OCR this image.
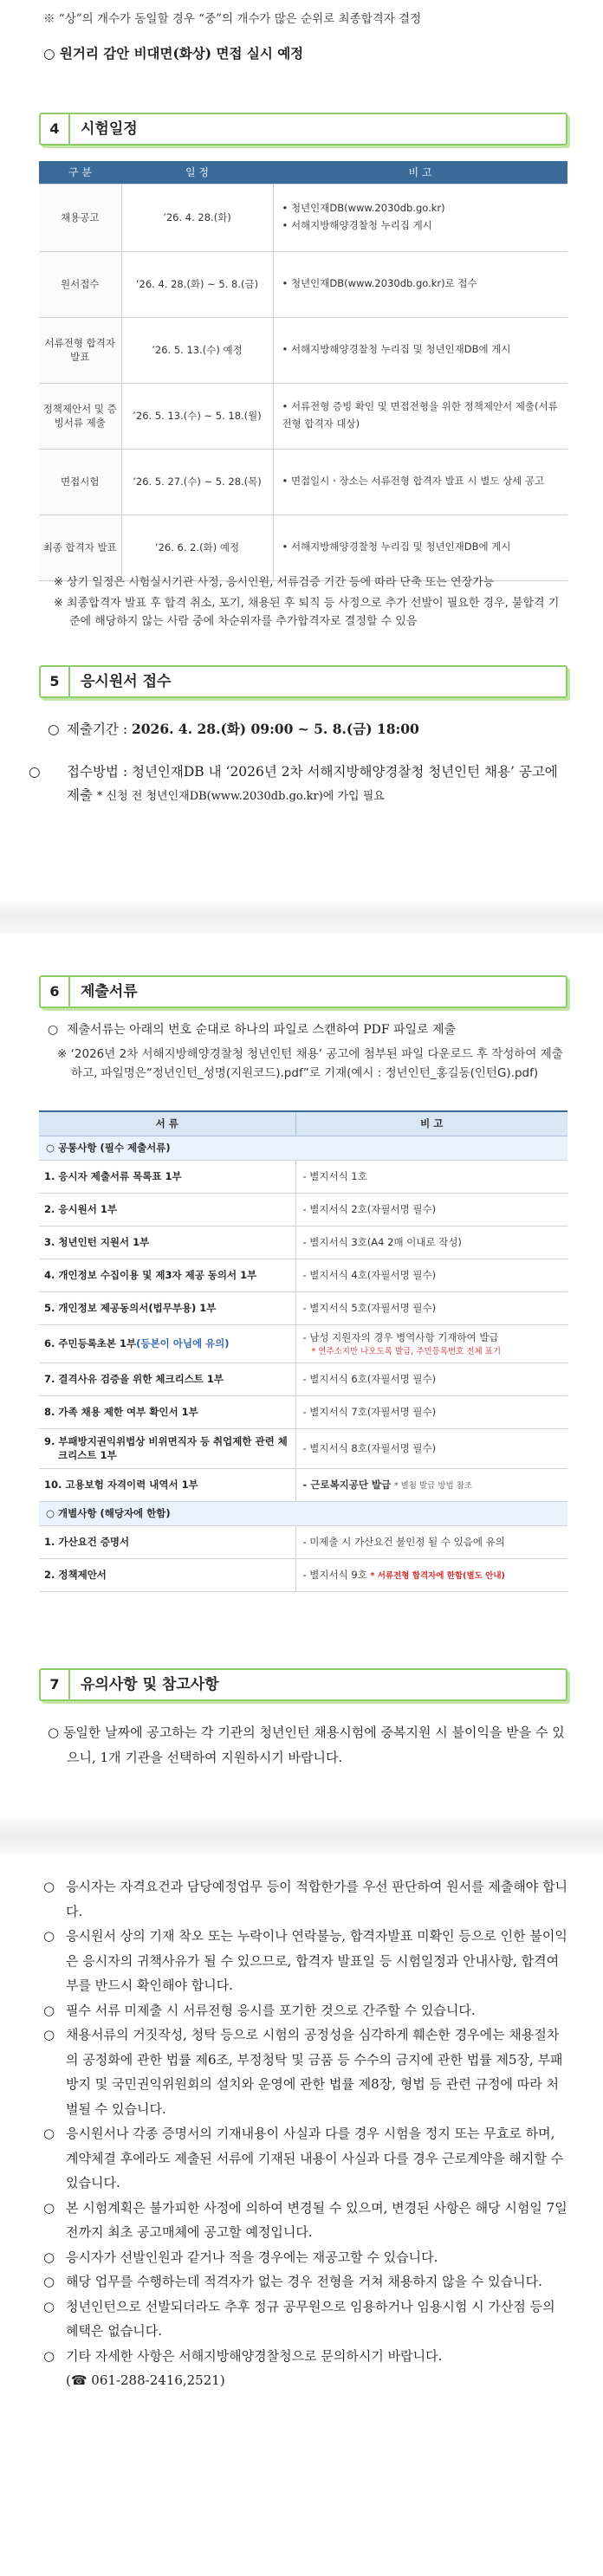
※ “상”의 개수가 동일할 경우 “중”의 개수가 많은 순위로 최종합격자 결정
○ 원거리 감안 비대면(화상) 면접 실시 예정
4	시험일정
구 분	일 정	비 고
채용공고	’26. 4. 28.(화)	• 청년인재DB(www.2030db.go.kr)
• 서해지방해양경찰청 누리집 게시

원서접수	’26. 4. 28.(화) ~ 5. 8.(금)	• 청년인재DB(www.2030db.go.kr)로 접수

서류전형 합격자 발표	’26. 5. 13.(수) 예정	• 서해지방해양경찰청 누리집 및 청년인재DB에 게시

정책제안서 및 증빙서류 제출	’26. 5. 13.(수) ~ 5. 18.(월)	• 서류전형 증빙 확인 및 면접전형을 위한 정책제안서 제출(서류전형 합격자 대상)

면접시험	’26. 5. 27.(수) ~ 5. 28.(목)	• 면접일시ㆍ장소는 서류전형 합격자 발표 시 별도 상세 공고

최종 합격자 발표	’26. 6. 2.(화) 예정	• 서해지방해양경찰청 누리집 및 청년인재DB에 게시
※ 상기 일정은 시험실시기관 사정, 응시인원, 서류검증 기간 등에 따라 단축 또는 연장가능
※ 최종합격자 발표 후 합격 취소, 포기, 채용된 후 퇴직 등 사정으로 추가 선발이 필요한 경우, 불합격 기준에 해당하지 않는 사람 중에 차순위자를 추가합격자로 결정할 수 있음
5	응시원서 접수
○ 제출기간 : 2026. 4. 28.(화) 09:00 ~ 5. 8.(금) 18:00
○ 접수방법 : 청년인재DB 내 ‘2026년 2차 서해지방해양경찰청 청년인턴 채용’ 공고에 제출 * 신청 전 청년인재DB(www.2030db.go.kr)에 가입 필요
6	제출서류
○ 제출서류는 아래의 번호 순대로 하나의 파일로 스캔하여 PDF 파일로 제출
※ ‘2026년 2차 서해지방해양경찰청 청년인턴 채용’ 공고에 첨부된 파일 다운로드 후 작성하여 제출하고, 파일명은“정년인턴_성명(지원코드).pdf”로 기재(예시 : 정년인턴_홍길동(인턴G).pdf)
서 류	비 고
○ 공통사항 (필수 제출서류)	
1. 응시자 제출서류 목록표 1부	- 별지서식 1호
2. 응시원서 1부	- 별지서식 2호(자필서명 필수)
3. 청년인턴 지원서 1부	- 별지서식 3호(A4 2매 이내로 작성)
4. 개인정보 수집이용 및 제3자 제공 동의서 1부	- 별지서식 4호(자필서명 필수)
5. 개인정보 제공동의서(법무부용) 1부	- 별지서식 5호(자필서명 필수)
6. 주민등록초본 1부(등본이 아님에 유의)	- 남성 지원자의 경우 병역사항 기재하여 발급
* 연주소지만 나오도록 발급, 주민등록번호 전체 표기

7. 결격사유 검증을 위한 체크리스트 1부	- 별지서식 6호(자필서명 필수)
8. 가족 채용 제한 여부 확인서 1부	- 별지서식 7호(자필서명 필수)
9. 부패방지권익위법상 비위면직자 등 취업제한 관련 체크리스트 1부	- 별지서식 8호(자필서명 필수)
10. 고용보험 자격이력 내역서 1부	- 근로복지공단 발급 * 별첨 발급 방법 참조
○ 개별사항 (해당자에 한함)	
1. 가산요건 증명서	- 미제출 시 가산요건 불인정 될 수 있음에 유의
2. 정책제안서	- 별지서식 9호 * 서류전형 합격자에 한함(별도 안내)
7	유의사항 및 참고사항
○ 동일한 날짜에 공고하는 각 기관의 청년인턴 채용시험에 중복지원 시 불이익을 받을 수 있으니, 1개 기관을 선택하여 지원하시기 바랍니다.
○ 응시자는 자격요건과 담당예정업무 등이 적합한가를 우선 판단하여 원서를 제출해야 합니다.
○ 응시원서 상의 기재 착오 또는 누락이나 연락불능, 합격자발표 미확인 등으로 인한 불이익은 응시자의 귀책사유가 될 수 있으므로, 합격자 발표일 등 시험일정과 안내사항, 합격여부를 반드시 확인해야 합니다.
○ 필수 서류 미제출 시 서류전형 응시를 포기한 것으로 간주할 수 있습니다.
○ 채용서류의 거짓작성, 청탁 등으로 시험의 공정성을 심각하게 훼손한 경우에는 채용절차의 공정화에 관한 법률 제6조, 부정청탁 및 금품 등 수수의 금지에 관한 법률 제5장, 부패방지 및 국민권익위원회의 설치와 운영에 관한 법률 제8장, 형법 등 관련 규정에 따라 처벌될 수 있습니다.
○ 응시원서나 각종 증명서의 기재내용이 사실과 다를 경우 시험을 정지 또는 무효로 하며, 계약체결 후에라도 제출된 서류에 기재된 내용이 사실과 다를 경우 근로계약을 해지할 수 있습니다.
○ 본 시험계획은 불가피한 사정에 의하여 변경될 수 있으며, 변경된 사항은 해당 시험일 7일 전까지 최초 공고매체에 공고할 예정입니다.
○ 응시자가 선발인원과 같거나 적을 경우에는 재공고할 수 있습니다.
○ 해당 업무를 수행하는데 적격자가 없는 경우 전형을 거쳐 채용하지 않을 수 있습니다.
○ 청년인턴으로 선발되더라도 추후 정규 공무원으로 임용하거나 임용시험 시 가산점 등의 혜택은 없습니다.
○ 기타 자세한 사항은 서해지방해양경찰청으로 문의하시기 바랍니다.
(☎ 061-288-2416,2521)
